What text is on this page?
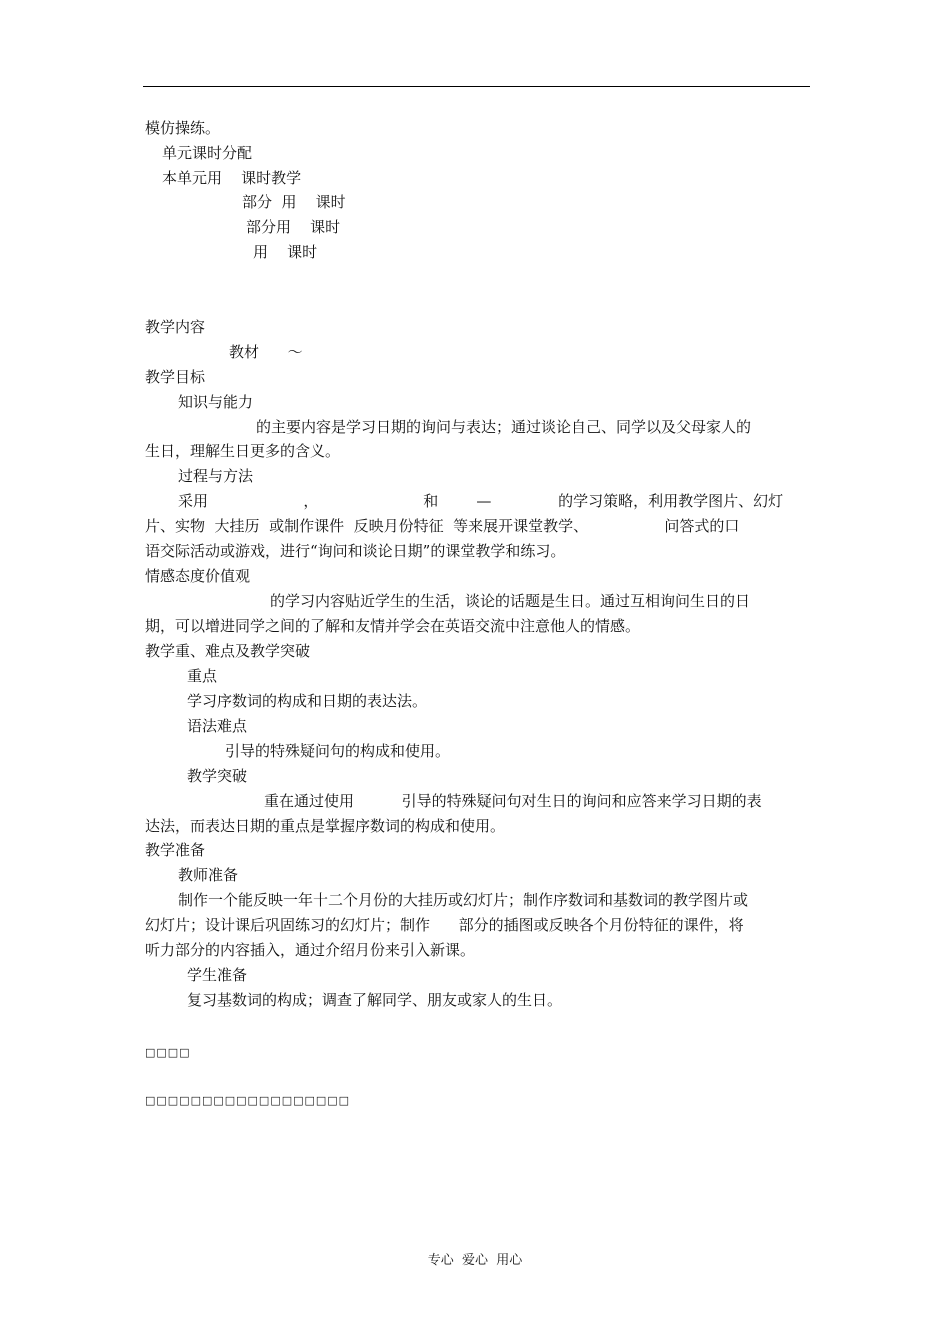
模仿操练。
单元课时分配
本单元用    课时教学
部分  用    课时
部分用    课时
用    课时
教学内容
教材      ～
教学目标
知识与能力
的主要内容是学习日期的询问与表达；通过谈论自己、同学以及父母家人的
生日，理解生日更多的含义。
过程与方法
采用                    ，                      和        —              的学习策略，利用教学图片、幻灯
片、实物  大挂历  或制作课件  反映月份特征  等来展开课堂教学、                问答式的口
语交际活动或游戏，进行“询问和谈论日期”的课堂教学和练习。
情感态度价值观
的学习内容贴近学生的生活，谈论的话题是生日。通过互相询问生日的日
期，可以增进同学之间的了解和友情并学会在英语交流中注意他人的情感。
教学重、难点及教学突破
重点
学习序数词的构成和日期的表达法。
语法难点
引导的特殊疑问句的构成和使用。
教学突破
重在通过使用          引导的特殊疑问句对生日的询问和应答来学习日期的表
达法，而表达日期的重点是掌握序数词的构成和使用。
教学准备
教师准备
制作一个能反映一年十二个月份的大挂历或幻灯片；制作序数词和基数词的教学图片或
幻灯片；设计课后巩固练习的幻灯片；制作      部分的插图或反映各个月份特征的课件，将
听力部分的内容插入，通过介绍月份来引入新课。
学生准备
复习基数词的构成；调查了解同学、朋友或家人的生日。
□□□□
□□□□□□□□□□□□□□□□□□
专心  爱心  用心
